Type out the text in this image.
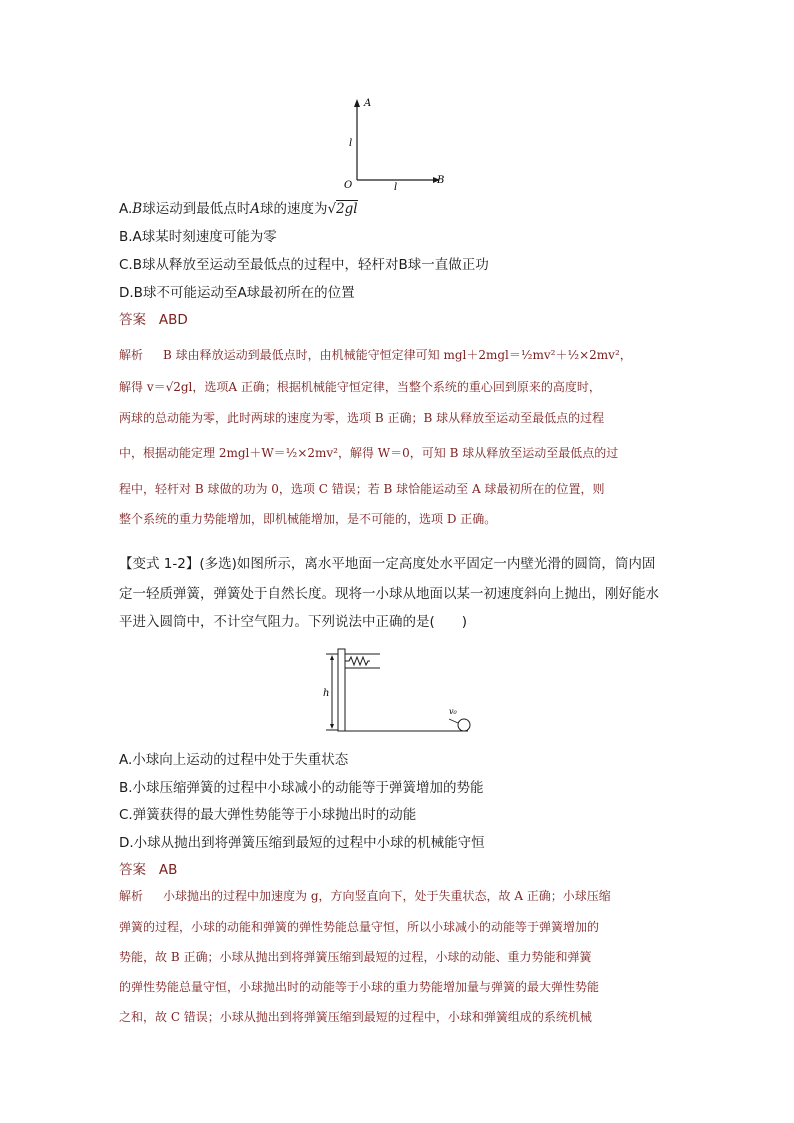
A
l
O	l
B
A.B球运动到最低点时A球的速度为√2gl
B.A球某时刻速度可能为零
C.B球从释放至运动至最低点的过程中，轻杆对B球一直做正功
D.B球不可能运动至A球最初所在的位置
答案 ABD
解析 B 球由释放运动到最低点时，由机械能守恒定律可知 mgl＋2mgl＝½mv²＋½×2mv²，
解得 v＝√2gl，选项A 正确；根据机械能守恒定律，当整个系统的重心回到原来的高度时，
两球的总动能为零，此时两球的速度为零，选项 B 正确；B 球从释放至运动至最低点的过程
中，根据动能定理 2mgl＋W＝½×2mv²，解得 W＝0，可知 B 球从释放至运动至最低点的过
程中，轻杆对 B 球做的功为 0，选项 C 错误；若 B 球恰能运动至 A 球最初所在的位置，则
整个系统的重力势能增加，即机械能增加，是不可能的，选项 D 正确。
【变式 1-2】(多选)如图所示，离水平地面一定高度处水平固定一内壁光滑的圆筒，筒内固
定一轻质弹簧，弹簧处于自然长度。现将一小球从地面以某一初速度斜向上抛出，刚好能水
平进入圆筒中，不计空气阻力。下列说法中正确的是(　　)
h
v₀
A.小球向上运动的过程中处于失重状态
B.小球压缩弹簧的过程中小球减小的动能等于弹簧增加的势能
C.弹簧获得的最大弹性势能等于小球抛出时的动能
D.小球从抛出到将弹簧压缩到最短的过程中小球的机械能守恒
答案 AB
解析 小球抛出的过程中加速度为 g，方向竖直向下，处于失重状态，故 A 正确；小球压缩
弹簧的过程，小球的动能和弹簧的弹性势能总量守恒，所以小球减小的动能等于弹簧增加的
势能，故 B 正确；小球从抛出到将弹簧压缩到最短的过程，小球的动能、重力势能和弹簧
的弹性势能总量守恒，小球抛出时的动能等于小球的重力势能增加量与弹簧的最大弹性势能
之和，故 C 错误；小球从抛出到将弹簧压缩到最短的过程中，小球和弹簧组成的系统机械
